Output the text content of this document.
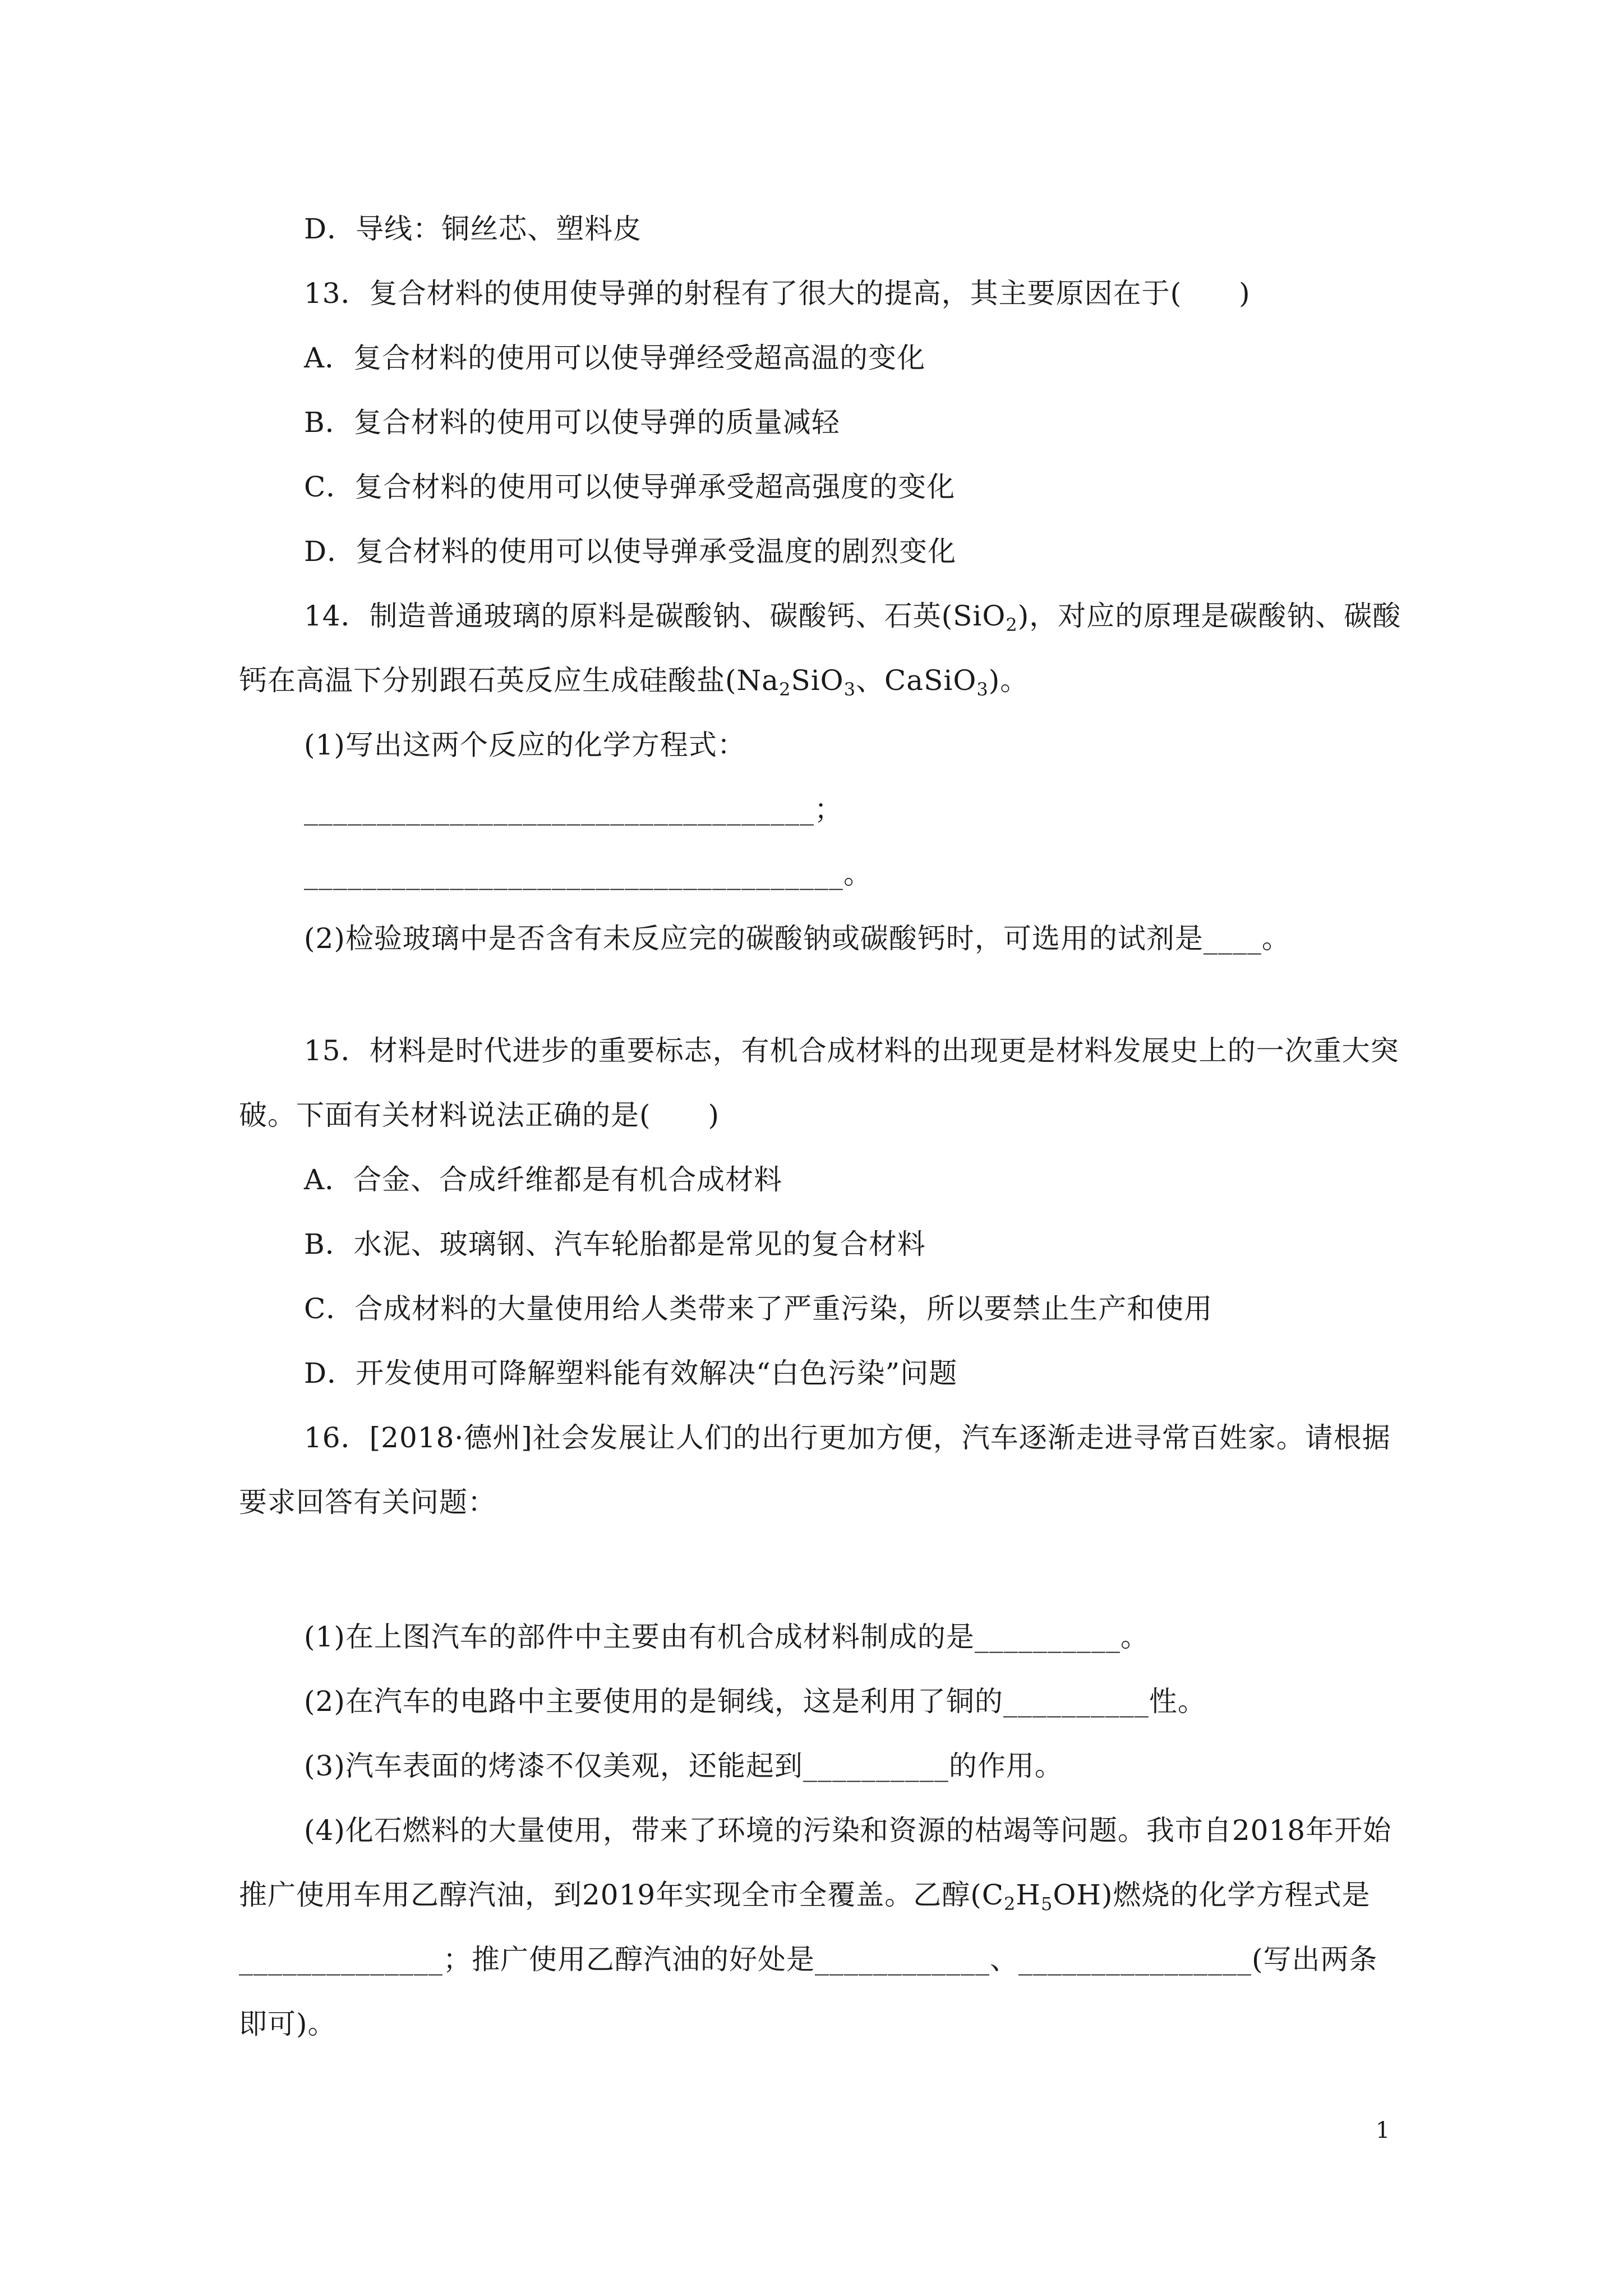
D．导线：铜丝芯、塑料皮
13．复合材料的使用使导弹的射程有了很大的提高，其主要原因在于(　　)
A．复合材料的使用可以使导弹经受超高温的变化
B．复合材料的使用可以使导弹的质量减轻
C．复合材料的使用可以使导弹承受超高强度的变化
D．复合材料的使用可以使导弹承受温度的剧烈变化
14．制造普通玻璃的原料是碳酸钠、碳酸钙、石英(SiO$_2$)，对应的原理是碳酸钠、碳酸
钙在高温下分别跟石英反应生成硅酸盐($Na_2SiO_3$、CaSiO$_3$)。
(1)写出这两个反应的化学方程式：
___________________________________；
_____________________________________。
(2)检验玻璃中是否含有未反应完的碳酸钠或碳酸钙时，可选用的试剂是____。
15．材料是时代进步的重要标志，有机合成材料的出现更是材料发展史上的一次重大突
破。下面有关材料说法正确的是(　　)
A．合金、合成纤维都是有机合成材料
B．水泥、玻璃钢、汽车轮胎都是常见的复合材料
C．合成材料的大量使用给人类带来了严重污染，所以要禁止生产和使用
D．开发使用可降解塑料能有效解决“白色污染”问题
16．[2018·德州]社会发展让人们的出行更加方便，汽车逐渐走进寻常百姓家。请根据
要求回答有关问题：
(1)在上图汽车的部件中主要由有机合成材料制成的是__________。
(2)在汽车的电路中主要使用的是铜线，这是利用了铜的__________性。
(3)汽车表面的烤漆不仅美观，还能起到__________的作用。
(4)化石燃料的大量使用，带来了环境的污染和资源的枯竭等问题。我市自2018年开始
推广使用车用乙醇汽油，到2019年实现全市全覆盖。乙醇$(C_2H_5OH)$燃烧的化学方程式是
______________；推广使用乙醇汽油的好处是____________、________________(写出两条
即可)。
1
